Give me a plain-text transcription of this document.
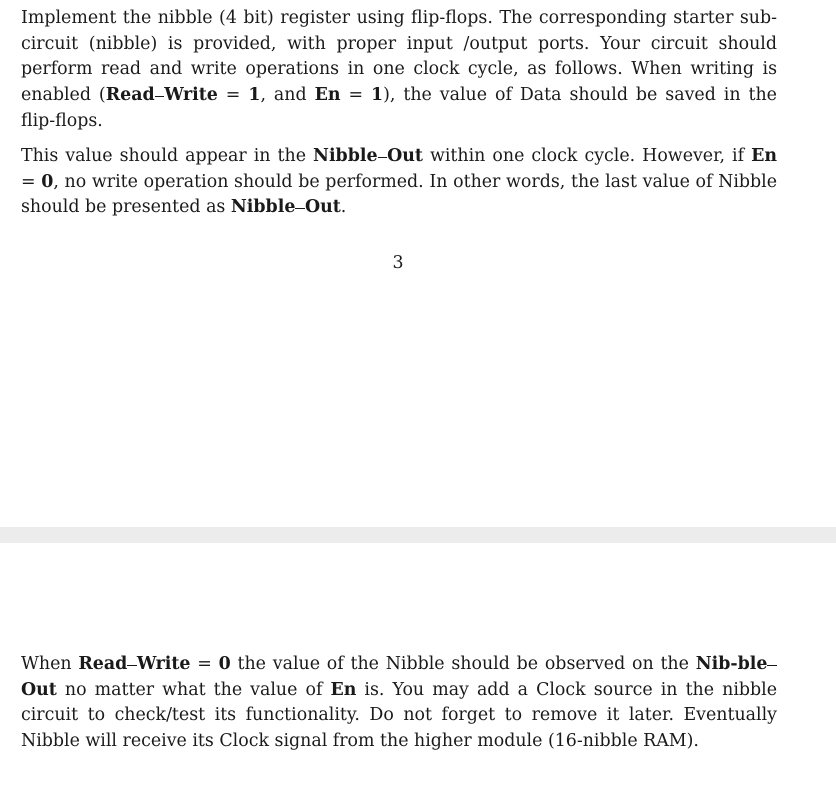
Implement the nibble (4 bit) register using flip-flops. The corresponding starter sub-circuit (nibble) is provided, with proper input /output ports. Your circuit should perform read and write operations in one clock cycle, as follows. When writing is enabled (Read Write = 1, and En = 1), the value of Data should be saved in the flip-flops.

This value should appear in the Nibble Out within one clock cycle. However, if En = 0, no write operation should be performed. In other words, the last value of Nibble should be presented as Nibble Out.

3

When Read Write = 0 the value of the Nibble should be observed on the Nib-bleOut no matter what the value of En is. You may add a Clock source in the nibble circuit to check/test its functionality. Do not forget to remove it later. Eventually Nibble will receive its Clock signal from the higher module (16-nibble RAM).
